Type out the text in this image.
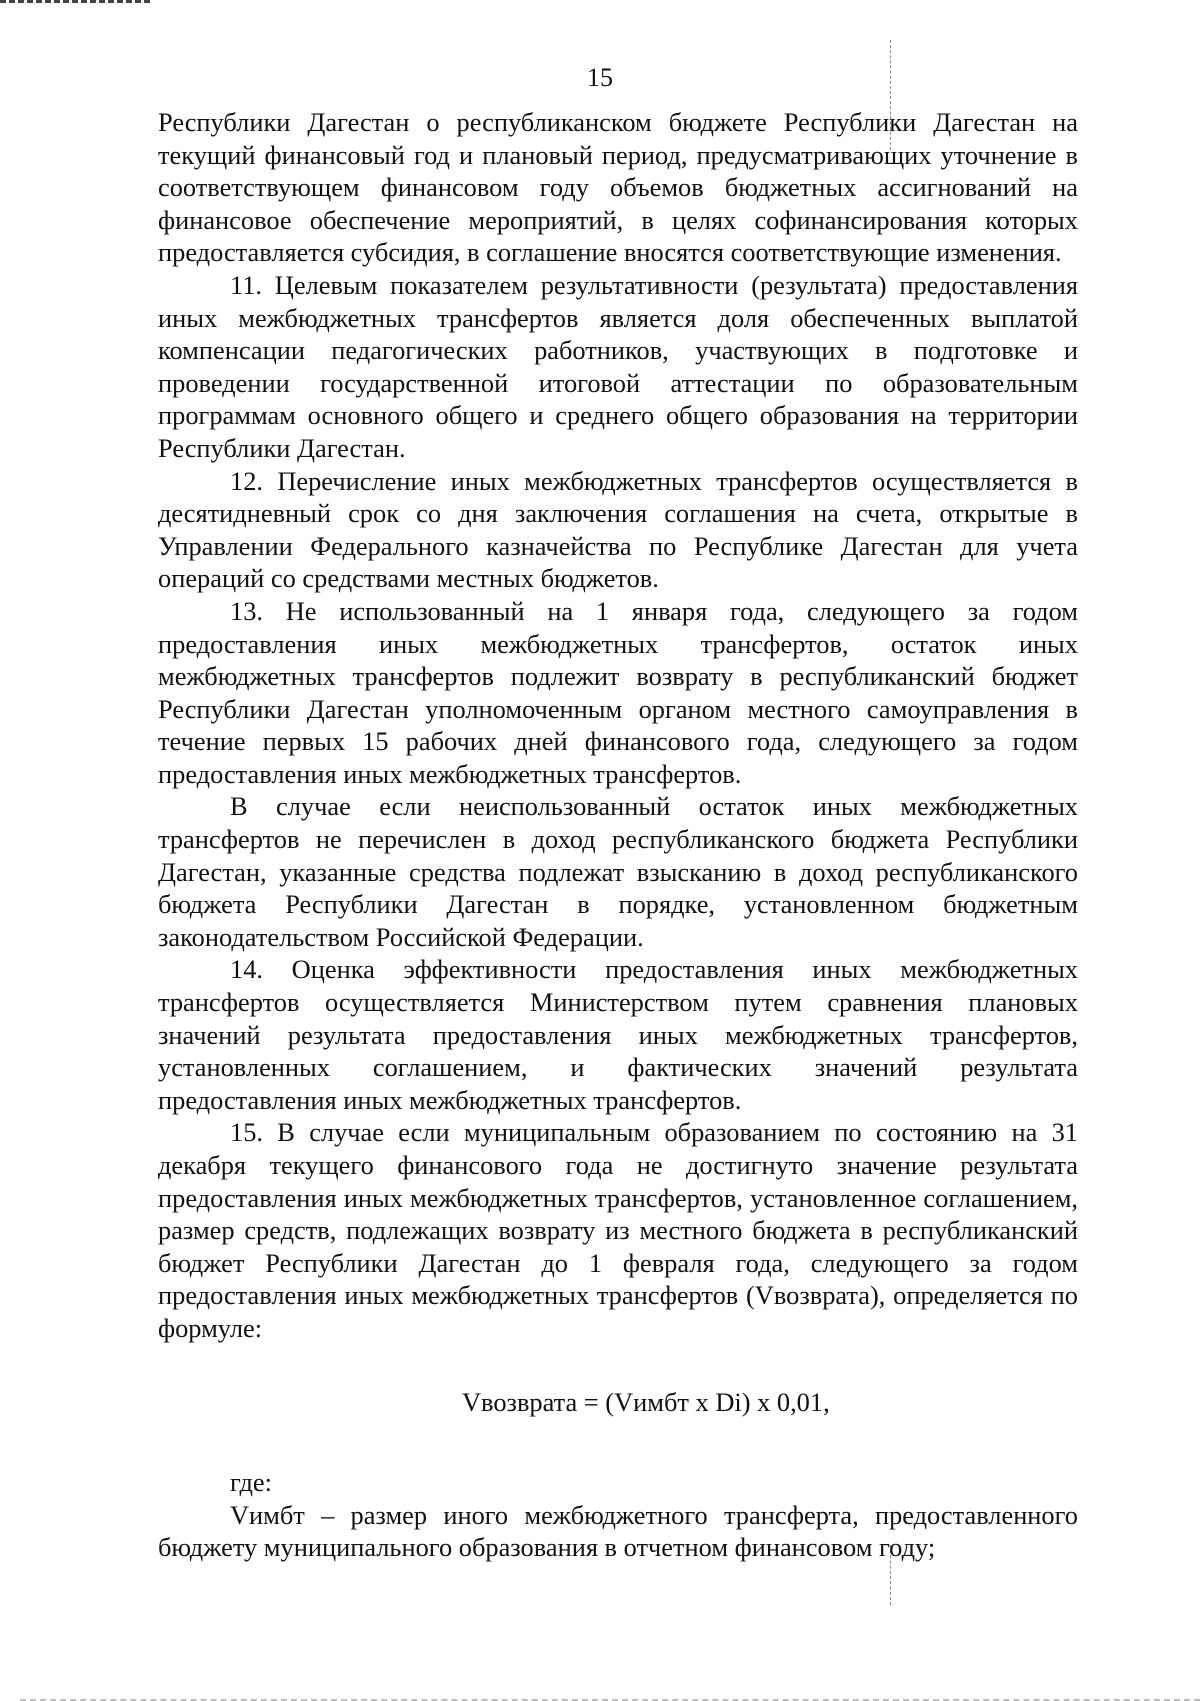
15

Республики Дагестан о республиканском бюджете Республики Дагестан на текущий финансовый год и плановый период, предусматривающих уточнение в соответствующем финансовом году объемов бюджетных ассигнований на финансовое обеспечение мероприятий, в целях софинансирования которых предоставляется субсидия, в соглашение вносятся соответствующие изменения.

11. Целевым показателем результативности (результата) предоставления иных межбюджетных трансфертов является доля обеспеченных выплатой компенсации педагогических работников, участвующих в подготовке и проведении государственной итоговой аттестации по образовательным программам основного общего и среднего общего образования на территории Республики Дагестан.

12. Перечисление иных межбюджетных трансфертов осуществляется в десятидневный срок со дня заключения соглашения на счета, открытые в Управлении Федерального казначейства по Республике Дагестан для учета операций со средствами местных бюджетов.

13. Не использованный на 1 января года, следующего за годом предоставления иных межбюджетных трансфертов, остаток иных межбюджетных трансфертов подлежит возврату в республиканский бюджет Республики Дагестан уполномоченным органом местного самоуправления в течение первых 15 рабочих дней финансового года, следующего за годом предоставления иных межбюджетных трансфертов.

В случае если неиспользованный остаток иных межбюджетных трансфертов не перечислен в доход республиканского бюджета Республики Дагестан, указанные средства подлежат взысканию в доход республиканского бюджета Республики Дагестан в порядке, установленном бюджетным законодательством Российской Федерации.

14. Оценка эффективности предоставления иных межбюджетных трансфертов осуществляется Министерством путем сравнения плановых значений результата предоставления иных межбюджетных трансфертов, установленных соглашением, и фактических значений результата предоставления иных межбюджетных трансфертов.

15. В случае если муниципальным образованием по состоянию на 31 декабря текущего финансового года не достигнуто значение результата предоставления иных межбюджетных трансфертов, установленное соглашением, размер средств, подлежащих возврату из местного бюджета в республиканский бюджет Республики Дагестан до 1 февраля года, следующего за годом предоставления иных межбюджетных трансфертов (Vвозврата), определяется по формуле:

Vвозврата = (Vимбт x Di) x 0,01,

где:

Vимбт – размер иного межбюджетного трансферта, предоставленного бюджету муниципального образования в отчетном финансовом году;
